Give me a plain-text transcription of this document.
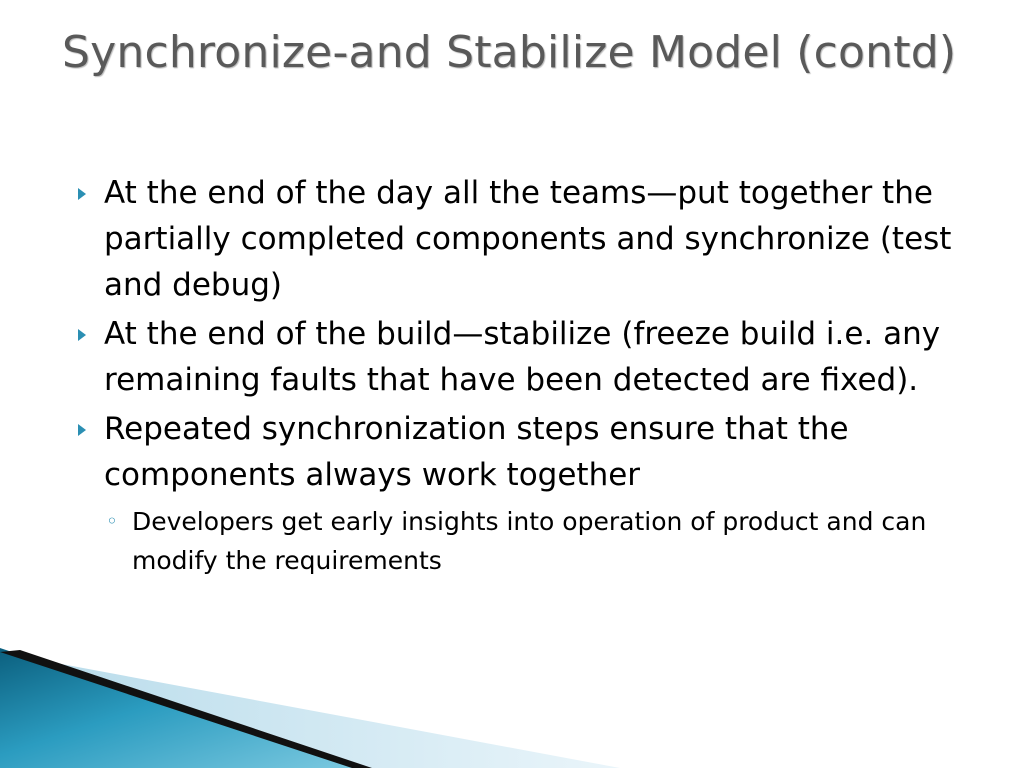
Synchronize-and Stabilize Model (contd)
At the end of the day all the teams—put together the partially completed components and synchronize (test and debug)
At the end of the build—stabilize (freeze build i.e. any remaining faults that have been detected are fixed).
Repeated synchronization steps ensure that the components always work together
◦ Developers get early insights into operation of product and can modify the requirements
